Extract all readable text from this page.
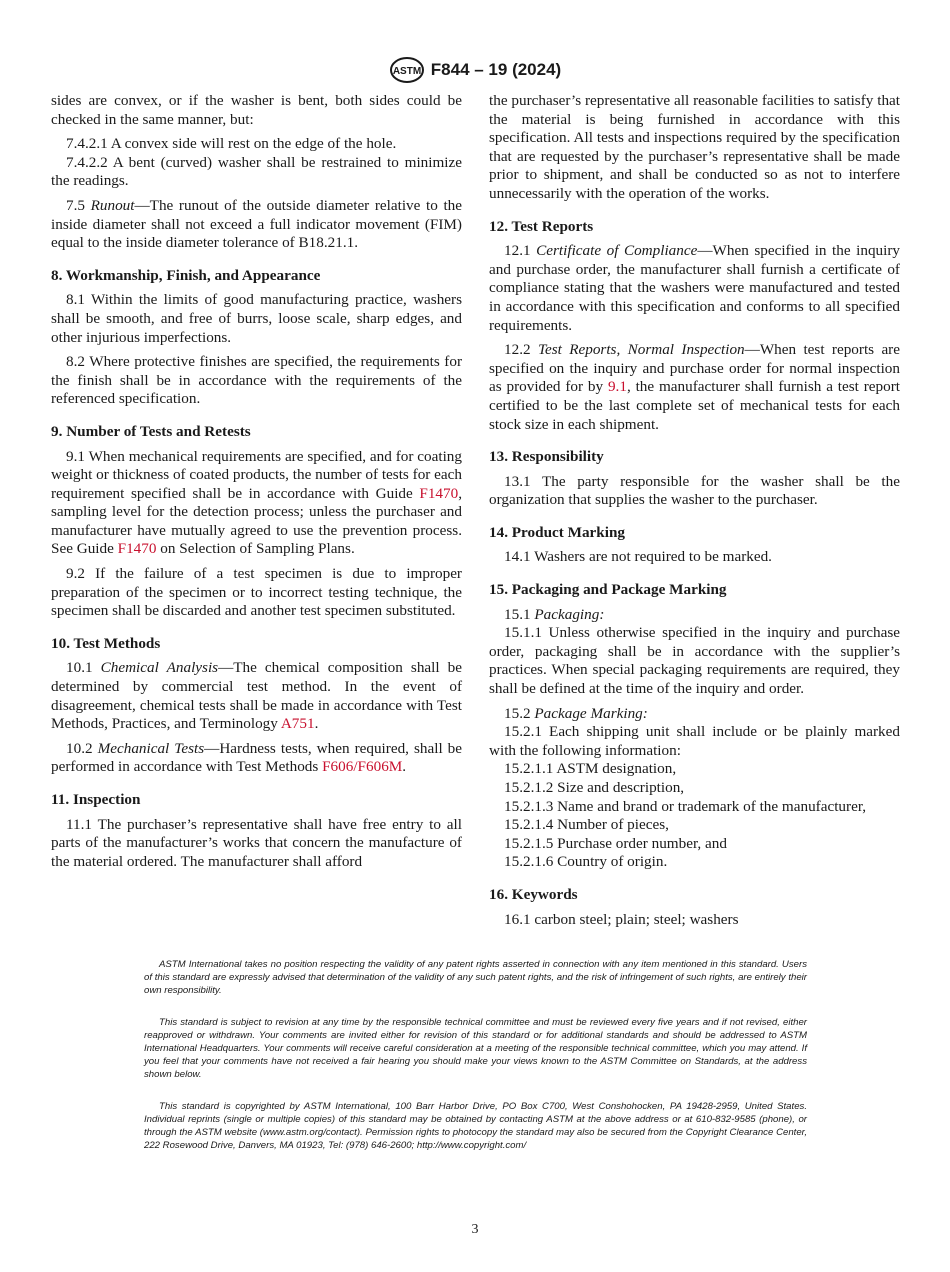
ASTM F844 – 19 (2024)

sides are convex, or if the washer is bent, both sides could be checked in the same manner, but:

7.4.2.1 A convex side will rest on the edge of the hole.

7.4.2.2 A bent (curved) washer shall be restrained to minimize the readings.

7.5 Runout—The runout of the outside diameter relative to the inside diameter shall not exceed a full indicator movement (FIM) equal to the inside diameter tolerance of B18.21.1.

8. Workmanship, Finish, and Appearance

8.1 Within the limits of good manufacturing practice, washers shall be smooth, and free of burrs, loose scale, sharp edges, and other injurious imperfections.

8.2 Where protective finishes are specified, the requirements for the finish shall be in accordance with the requirements of the referenced specification.

9. Number of Tests and Retests

9.1 When mechanical requirements are specified, and for coating weight or thickness of coated products, the number of tests for each requirement specified shall be in accordance with Guide F1470, sampling level for the detection process; unless the purchaser and manufacturer have mutually agreed to use the prevention process. See Guide F1470 on Selection of Sampling Plans.

9.2 If the failure of a test specimen is due to improper preparation of the specimen or to incorrect testing technique, the specimen shall be discarded and another test specimen substituted.

10. Test Methods

10.1 Chemical Analysis—The chemical composition shall be determined by commercial test method. In the event of disagreement, chemical tests shall be made in accordance with Test Methods, Practices, and Terminology A751.

10.2 Mechanical Tests—Hardness tests, when required, shall be performed in accordance with Test Methods F606/F606M.

11. Inspection

11.1 The purchaser’s representative shall have free entry to all parts of the manufacturer’s works that concern the manufacture of the material ordered. The manufacturer shall afford

the purchaser’s representative all reasonable facilities to satisfy that the material is being furnished in accordance with this specification. All tests and inspections required by the specification that are requested by the purchaser’s representative shall be made prior to shipment, and shall be conducted so as not to interfere unnecessarily with the operation of the works.

12. Test Reports

12.1 Certificate of Compliance—When specified in the inquiry and purchase order, the manufacturer shall furnish a certificate of compliance stating that the washers were manufactured and tested in accordance with this specification and conforms to all specified requirements.

12.2 Test Reports, Normal Inspection—When test reports are specified on the inquiry and purchase order for normal inspection as provided for by 9.1, the manufacturer shall furnish a test report certified to be the last complete set of mechanical tests for each stock size in each shipment.

13. Responsibility

13.1 The party responsible for the washer shall be the organization that supplies the washer to the purchaser.

14. Product Marking

14.1 Washers are not required to be marked.

15. Packaging and Package Marking

15.1 Packaging:

15.1.1 Unless otherwise specified in the inquiry and purchase order, packaging shall be in accordance with the supplier’s practices. When special packaging requirements are required, they shall be defined at the time of the inquiry and order.

15.2 Package Marking:

15.2.1 Each shipping unit shall include or be plainly marked with the following information:

15.2.1.1 ASTM designation,

15.2.1.2 Size and description,

15.2.1.3 Name and brand or trademark of the manufacturer,

15.2.1.4 Number of pieces,

15.2.1.5 Purchase order number, and

15.2.1.6 Country of origin.

16. Keywords

16.1 carbon steel; plain; steel; washers

ASTM International takes no position respecting the validity of any patent rights asserted in connection with any item mentioned in this standard. Users of this standard are expressly advised that determination of the validity of any such patent rights, and the risk of infringement of such rights, are entirely their own responsibility.

This standard is subject to revision at any time by the responsible technical committee and must be reviewed every five years and if not revised, either reapproved or withdrawn. Your comments are invited either for revision of this standard or for additional standards and should be addressed to ASTM International Headquarters. Your comments will receive careful consideration at a meeting of the responsible technical committee, which you may attend. If you feel that your comments have not received a fair hearing you should make your views known to the ASTM Committee on Standards, at the address shown below.

This standard is copyrighted by ASTM International, 100 Barr Harbor Drive, PO Box C700, West Conshohocken, PA 19428-2959, United States. Individual reprints (single or multiple copies) of this standard may be obtained by contacting ASTM at the above address or at 610-832-9585 (phone), or through the ASTM website (www.astm.org/contact). Permission rights to photocopy the standard may also be secured from the Copyright Clearance Center, 222 Rosewood Drive, Danvers, MA 01923, Tel: (978) 646-2600; http://www.copyright.com/

3
